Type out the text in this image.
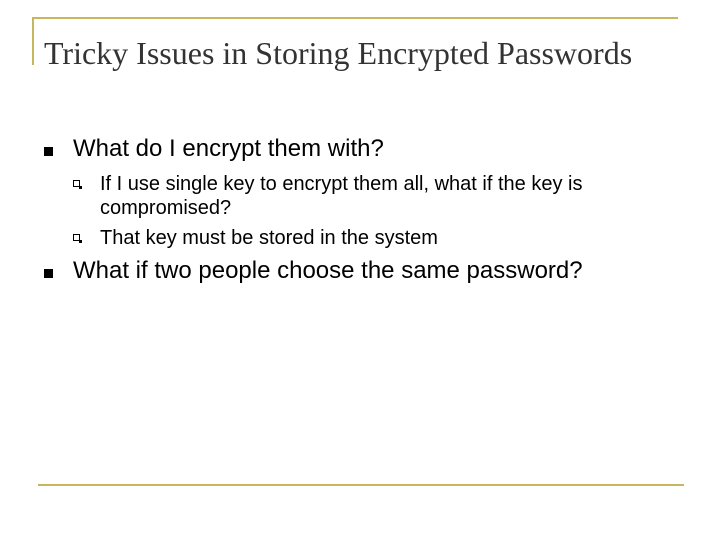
Tricky Issues in Storing Encrypted Passwords
What do I encrypt them with?
If I use single key to encrypt them all, what if the key is compromised?
That key must be stored in the system
What if two people choose the same password?
